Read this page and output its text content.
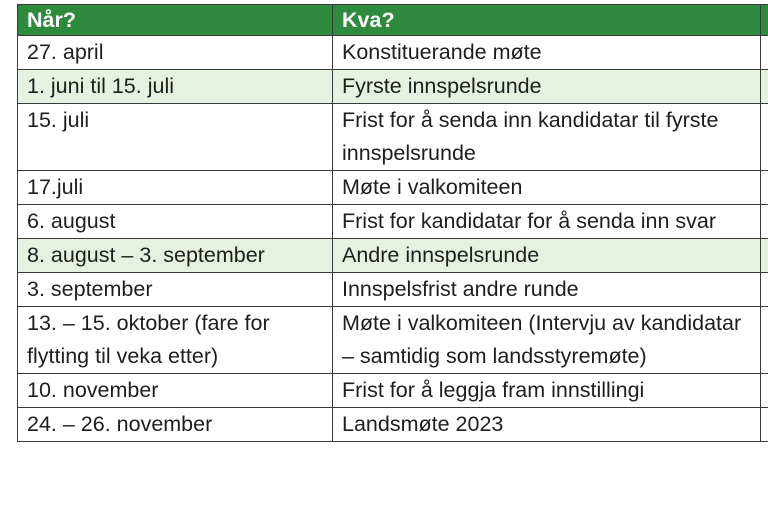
Når?	Kva?	
27. april	Konstituerande møte	
1. juni til 15. juli	Fyrste innspelsrunde	
15. juli	Frist for å senda inn kandidatar til fyrste innspelsrunde	
17.juli	Møte i valkomiteen	
6. august	Frist for kandidatar for å senda inn svar	
8. august – 3. september	Andre innspelsrunde	
3. september	Innspelsfrist andre runde	
13. – 15. oktober (fare for flytting til veka etter)	Møte i valkomiteen (Intervju av kandidatar – samtidig som landsstyremøte)	
10. november	Frist for å leggja fram innstillingi	
24. – 26. november	Landsmøte 2023	
